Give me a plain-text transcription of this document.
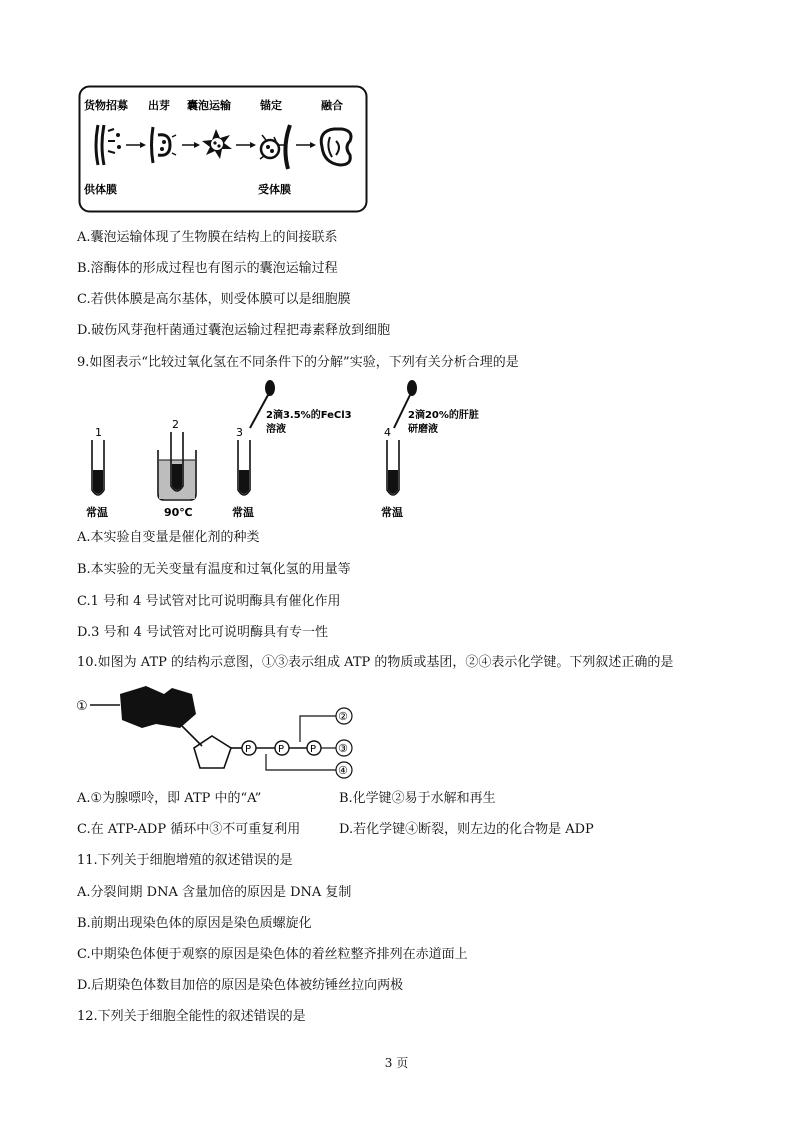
货物招募 出芽 囊泡运输	锚定	融合
供体膜	受体膜
A.囊泡运输体现了生物膜在结构上的间接联系
B.溶酶体的形成过程也有图示的囊泡运输过程
C.若供体膜是高尔基体，则受体膜可以是细胞膜
D.破伤风芽孢杆菌通过囊泡运输过程把毒素释放到细胞
9.如图表示“比较过氧化氢在不同条件下的分解”实验，下列有关分析合理的是
1
常温
2
90℃
3
2滴3.5%的FeCl3
溶液
常温
4
2滴20%的肝脏
研磨液
常温
A.本实验自变量是催化剂的种类
B.本实验的无关变量有温度和过氧化氢的用量等
C.1 号和 4 号试管对比可说明酶具有催化作用
D.3 号和 4 号试管对比可说明酶具有专一性
10.如图为 ATP 的结构示意图，①③表示组成 ATP 的物质或基团，②④表示化学键。下列叙述正确的是
①
P	P	P
②
③
④
A.①为腺嘌呤，即 ATP 中的“A”	B.化学键②易于水解和再生
C.在 ATP-ADP 循环中③不可重复利用	D.若化学键④断裂，则左边的化合物是 ADP
11.下列关于细胞增殖的叙述错误的是
A.分裂间期 DNA 含量加倍的原因是 DNA 复制
B.前期出现染色体的原因是染色质螺旋化
C.中期染色体便于观察的原因是染色体的着丝粒整齐排列在赤道面上
D.后期染色体数目加倍的原因是染色体被纺锤丝拉向两极
12.下列关于细胞全能性的叙述错误的是
3 页
